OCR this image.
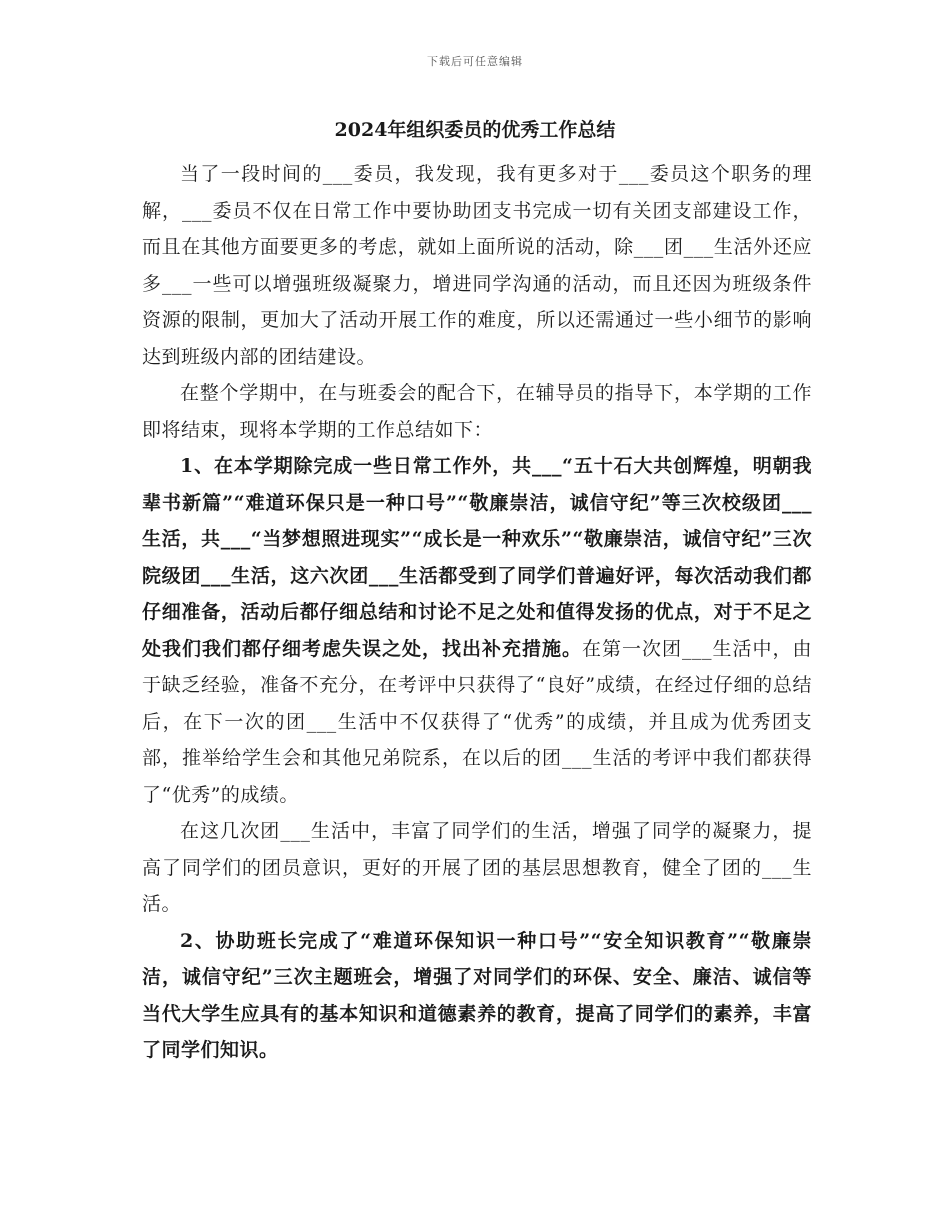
下载后可任意编辑
2024年组织委员的优秀工作总结

当了一段时间的___委员，我发现，我有更多对于___委员这个职务的理解，___委员不仅在日常工作中要协助团支书完成一切有关团支部建设工作，而且在其他方面要更多的考虑，就如上面所说的活动，除___团___生活外还应多___一些可以增强班级凝聚力，增进同学沟通的活动，而且还因为班级条件资源的限制，更加大了活动开展工作的难度，所以还需通过一些小细节的影响达到班级内部的团结建设。

在整个学期中，在与班委会的配合下，在辅导员的指导下，本学期的工作即将结束，现将本学期的工作总结如下：

1、在本学期除完成一些日常工作外，共___“五十石大共创辉煌，明朝我辈书新篇”“难道环保只是一种口号”“敬廉崇洁，诚信守纪”等三次校级团___生活，共___“当梦想照进现实”“成长是一种欢乐”“敬廉崇洁，诚信守纪”三次院级团___生活，这六次团___生活都受到了同学们普遍好评，每次活动我们都仔细准备，活动后都仔细总结和讨论不足之处和值得发扬的优点，对于不足之处我们我们都仔细考虑失误之处，找出补充措施。在第一次团___生活中，由于缺乏经验，准备不充分，在考评中只获得了“良好”成绩，在经过仔细的总结后，在下一次的团___生活中不仅获得了“优秀”的成绩，并且成为优秀团支部，推举给学生会和其他兄弟院系，在以后的团___生活的考评中我们都获得了“优秀”的成绩。

在这几次团___生活中，丰富了同学们的生活，增强了同学的凝聚力，提高了同学们的团员意识，更好的开展了团的基层思想教育，健全了团的___生活。

2、协助班长完成了“难道环保知识一种口号”“安全知识教育”“敬廉崇洁，诚信守纪”三次主题班会，增强了对同学们的环保、安全、廉洁、诚信等当代大学生应具有的基本知识和道德素养的教育，提高了同学们的素养，丰富了同学们知识。
